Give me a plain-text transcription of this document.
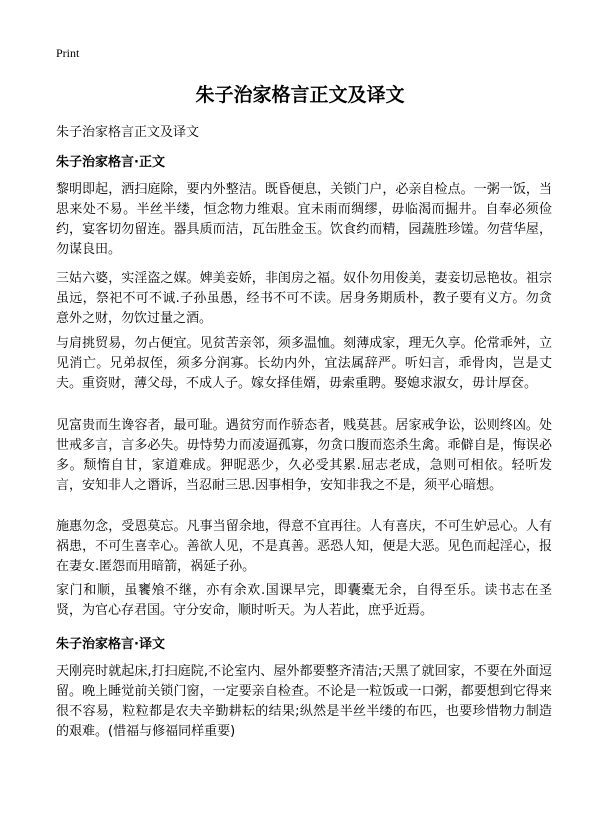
Print
朱子治家格言正文及译文
朱子治家格言正文及译文
朱子治家格言·正文

黎明即起，洒扫庭除，要内外整洁。既昏便息，关锁门户，必亲自检点。一粥一饭，当思来处不易。半丝半缕，恒念物力维艰。宜未雨而绸缪，毋临渴而掘井。自奉必须俭约，宴客切勿留连。器具质而洁，瓦缶胜金玉。饮食约而精，园蔬胜珍馐。勿营华屋，勿谋良田。

三姑六婆，实淫盗之媒。婢美妾娇，非闺房之福。奴仆勿用俊美，妻妾切忌艳妆。祖宗虽远，祭祀不可不诚.子孙虽愚，经书不可不读。居身务期质朴，教子要有义方。勿贪意外之财，勿饮过量之酒。

与肩挑贸易，勿占便宜。见贫苦亲邻，须多温恤。刻薄成家，理无久享。伦常乖舛，立见消亡。兄弟叔侄，须多分润寡。长幼内外，宜法属辞严。听妇言，乖骨肉，岂是丈夫。重资财，薄父母，不成人子。嫁女择佳婿，毋索重聘。娶媳求淑女，毋计厚奁。

见富贵而生谗容者，最可耻。遇贫穷而作骄态者，贱莫甚。居家戒争讼，讼则终凶。处世戒多言，言多必失。毋恃势力而凌逼孤寡，勿贪口腹而恣杀生禽。乖僻自是，悔误必多。颓惰自甘，家道难成。狎昵恶少，久必受其累.屈志老成，急则可相依。轻听发言，安知非人之谮诉，当忍耐三思.因事相争，安知非我之不是，须平心暗想。

施惠勿念，受恩莫忘。凡事当留余地，得意不宜再往。人有喜庆，不可生妒忌心。人有祸患，不可生喜幸心。善欲人见，不是真善。恶恐人知，便是大恶。见色而起淫心，报在妻女.匿怨而用暗箭，祸延子孙。

家门和顺，虽饔飧不继，亦有余欢.国课早完，即囊橐无余，自得至乐。读书志在圣贤，为官心存君国。守分安命，顺时听天。为人若此，庶乎近焉。

朱子治家格言·译文

天刚亮时就起床,打扫庭院,不论室内、屋外都要整齐清洁;天黑了就回家，不要在外面逗留。晚上睡觉前关锁门窗，一定要亲自检查。不论是一粒饭或一口粥，都要想到它得来很不容易，粒粒都是农夫辛勤耕耘的结果;纵然是半丝半缕的布匹，也要珍惜物力制造的艰难。(惜福与修福同样重要)
